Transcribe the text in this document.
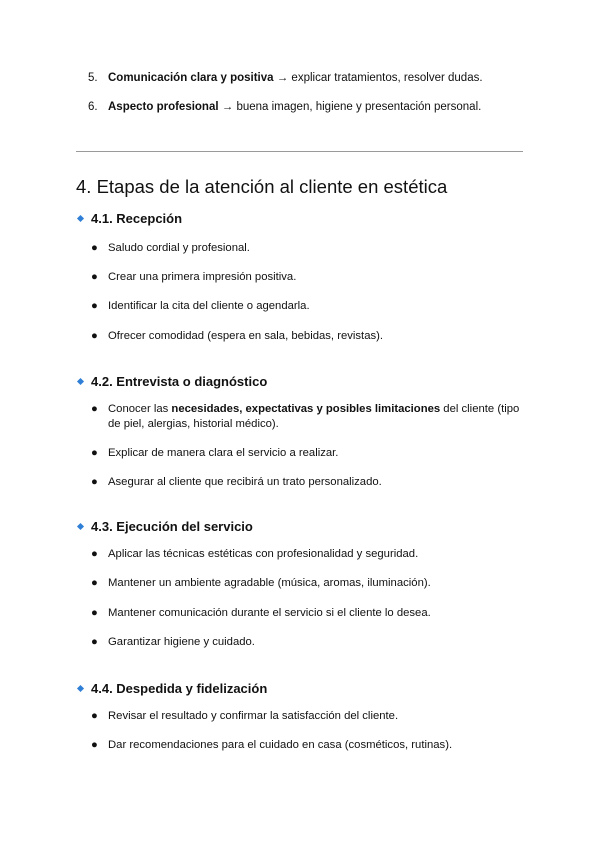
5. Comunicación clara y positiva → explicar tratamientos, resolver dudas.
6. Aspecto profesional → buena imagen, higiene y presentación personal.
4. Etapas de la atención al cliente en estética
4.1. Recepción
● Saludo cordial y profesional.
● Crear una primera impresión positiva.
● Identificar la cita del cliente o agendarla.
● Ofrecer comodidad (espera en sala, bebidas, revistas).
4.2. Entrevista o diagnóstico
● Conocer las necesidades, expectativas y posibles limitaciones del cliente (tipo de piel, alergias, historial médico).
● Explicar de manera clara el servicio a realizar.
● Asegurar al cliente que recibirá un trato personalizado.
4.3. Ejecución del servicio
● Aplicar las técnicas estéticas con profesionalidad y seguridad.
● Mantener un ambiente agradable (música, aromas, iluminación).
● Mantener comunicación durante el servicio si el cliente lo desea.
● Garantizar higiene y cuidado.
4.4. Despedida y fidelización
● Revisar el resultado y confirmar la satisfacción del cliente.
● Dar recomendaciones para el cuidado en casa (cosméticos, rutinas).
